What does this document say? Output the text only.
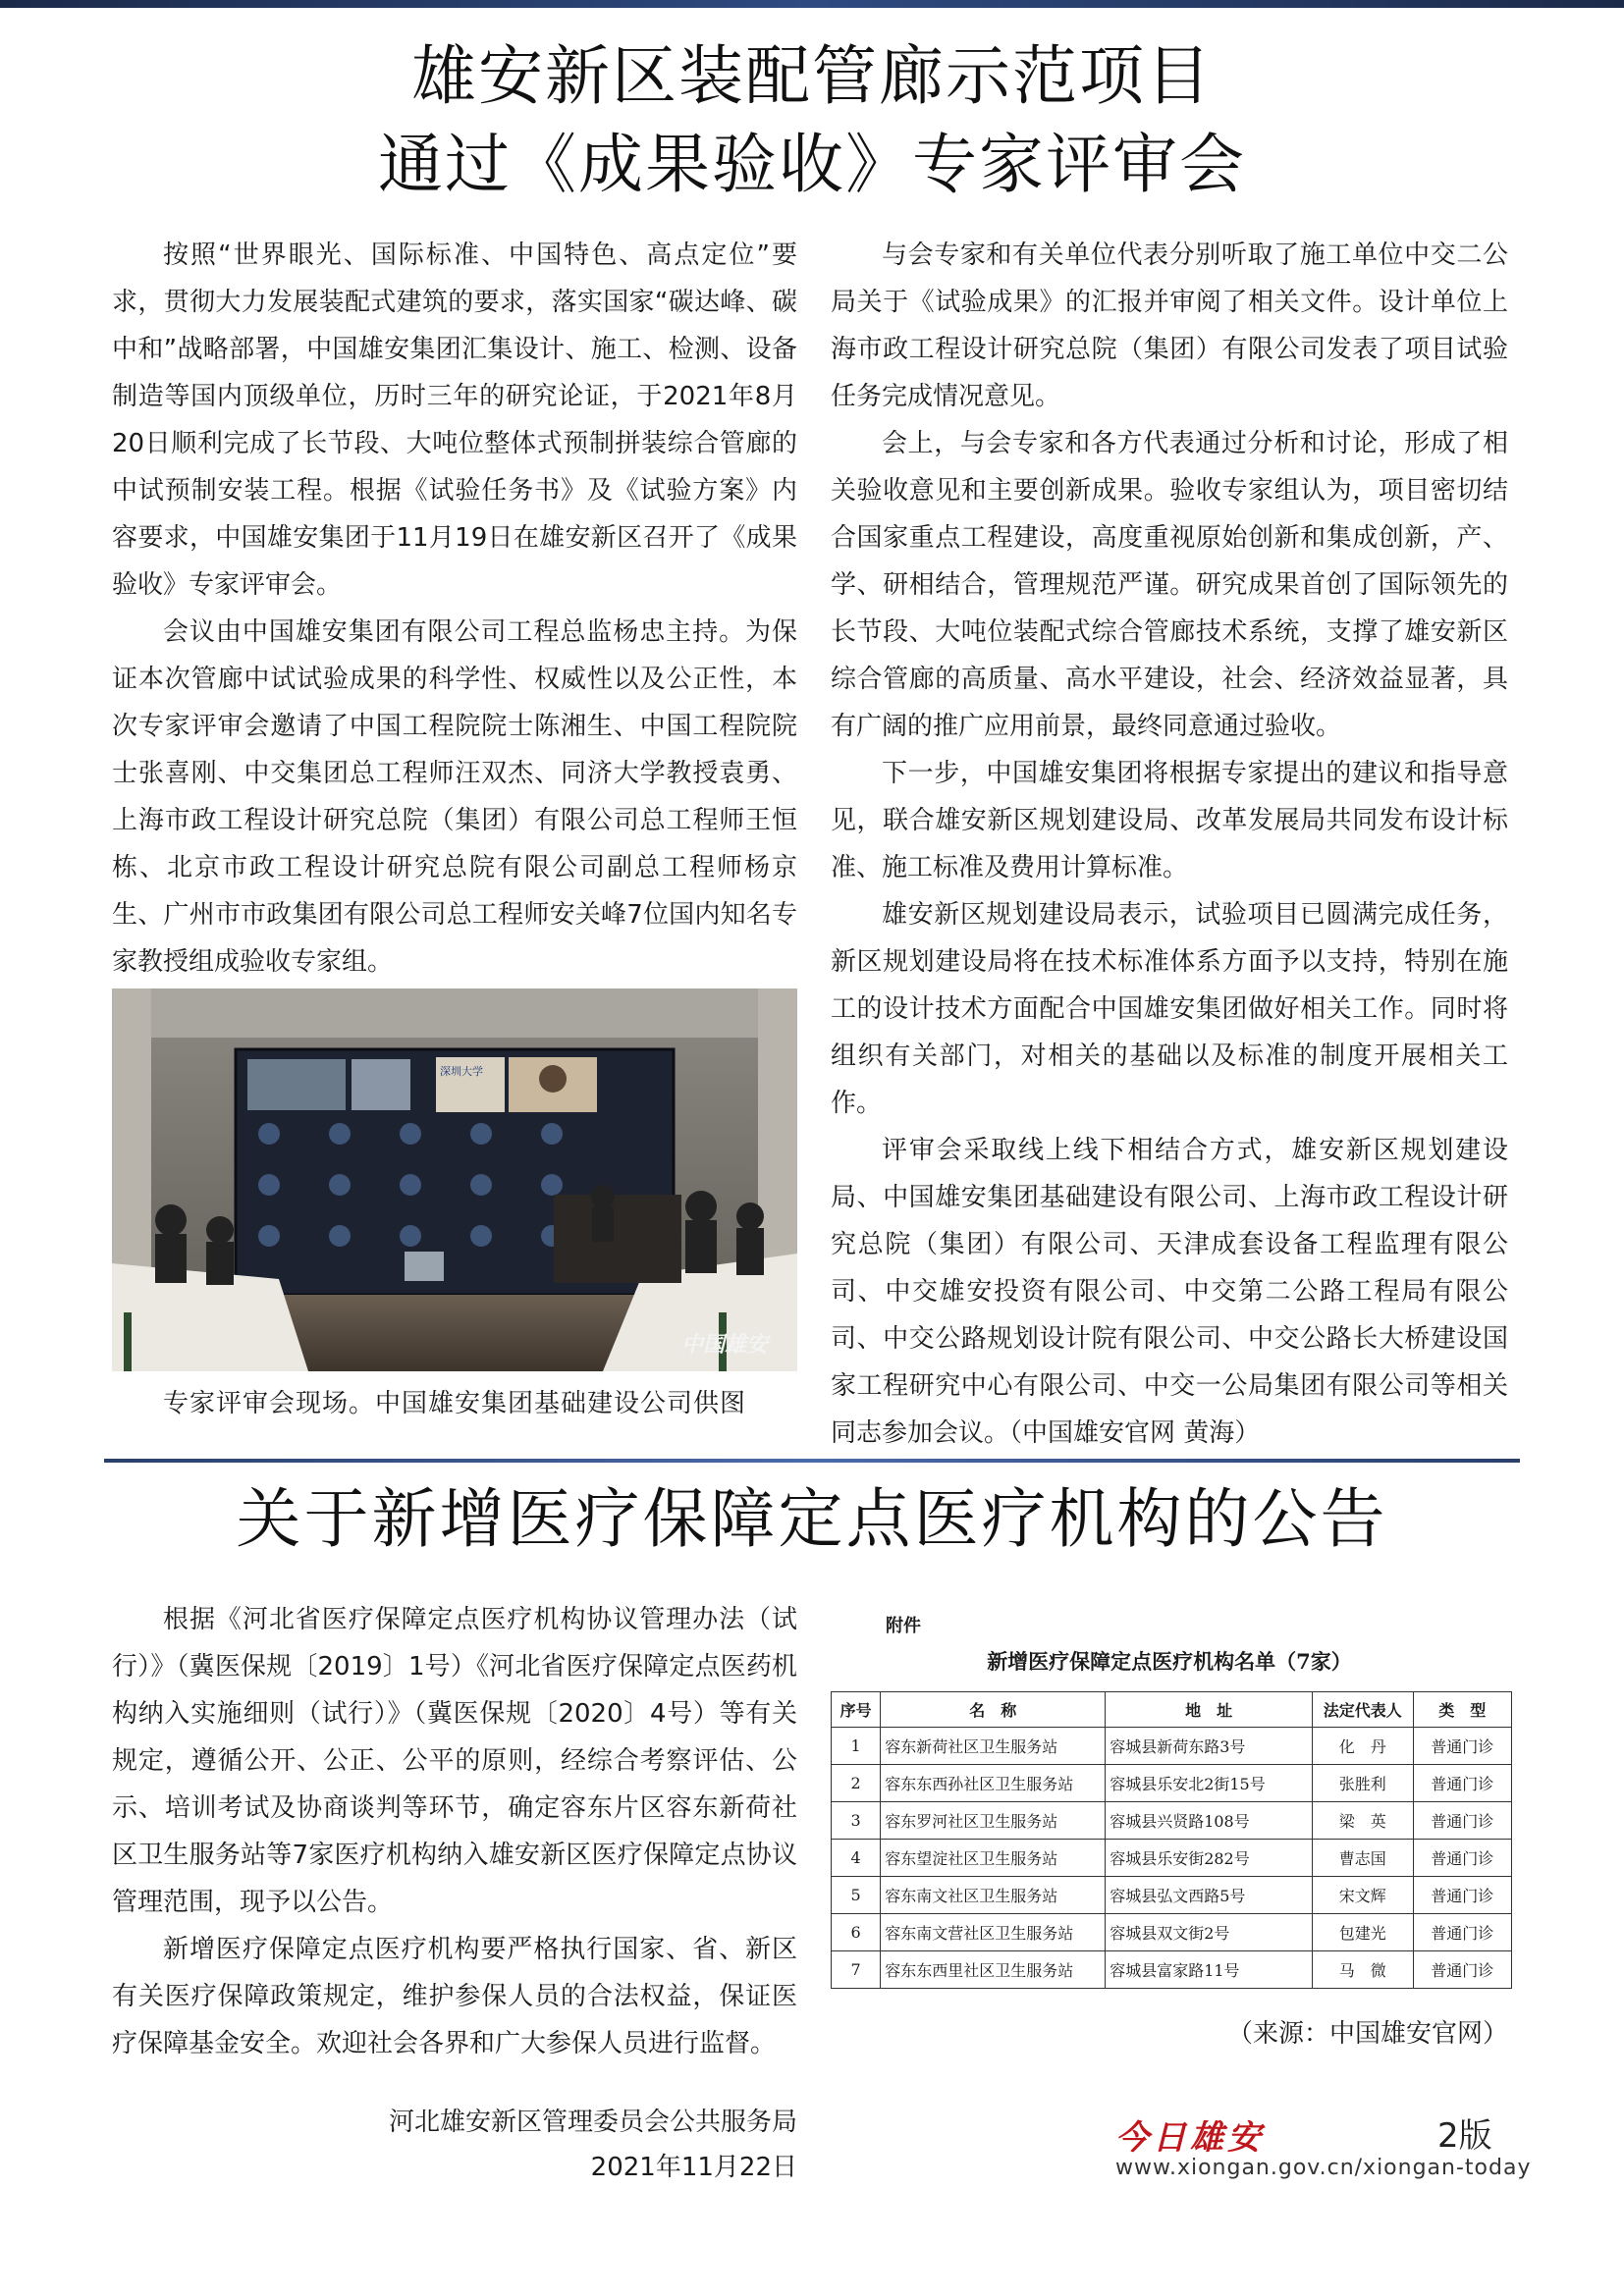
雄安新区装配管廊示范项目
通过《成果验收》专家评审会

按照“世界眼光、国际标准、中国特色、高点定位”要求，贯彻大力发展装配式建筑的要求，落实国家“碳达峰、碳中和”战略部署，中国雄安集团汇集设计、施工、检测、设备制造等国内顶级单位，历时三年的研究论证，于2021年8月20日顺利完成了长节段、大吨位整体式预制拼装综合管廊的中试预制安装工程。根据《试验任务书》及《试验方案》内容要求，中国雄安集团于11月19日在雄安新区召开了《成果验收》专家评审会。

会议由中国雄安集团有限公司工程总监杨忠主持。为保证本次管廊中试试验成果的科学性、权威性以及公正性，本次专家评审会邀请了中国工程院院士陈湘生、中国工程院院士张喜刚、中交集团总工程师汪双杰、同济大学教授袁勇、上海市政工程设计研究总院（集团）有限公司总工程师王恒栋、北京市政工程设计研究总院有限公司副总工程师杨京生、广州市市政集团有限公司总工程师安关峰7位国内知名专家教授组成验收专家组。

深圳大学
中国雄安
专家评审会现场。中国雄安集团基础建设公司供图

与会专家和有关单位代表分别听取了施工单位中交二公局关于《试验成果》的汇报并审阅了相关文件。设计单位上海市政工程设计研究总院（集团）有限公司发表了项目试验任务完成情况意见。

会上，与会专家和各方代表通过分析和讨论，形成了相关验收意见和主要创新成果。验收专家组认为，项目密切结合国家重点工程建设，高度重视原始创新和集成创新，产、学、研相结合，管理规范严谨。研究成果首创了国际领先的长节段、大吨位装配式综合管廊技术系统，支撑了雄安新区综合管廊的高质量、高水平建设，社会、经济效益显著，具有广阔的推广应用前景，最终同意通过验收。

下一步，中国雄安集团将根据专家提出的建议和指导意见，联合雄安新区规划建设局、改革发展局共同发布设计标准、施工标准及费用计算标准。

雄安新区规划建设局表示，试验项目已圆满完成任务，新区规划建设局将在技术标准体系方面予以支持，特别在施工的设计技术方面配合中国雄安集团做好相关工作。同时将组织有关部门，对相关的基础以及标准的制度开展相关工作。

评审会采取线上线下相结合方式，雄安新区规划建设局、中国雄安集团基础建设有限公司、上海市政工程设计研究总院（集团）有限公司、天津成套设备工程监理有限公司、中交雄安投资有限公司、中交第二公路工程局有限公司、中交公路规划设计院有限公司、中交公路长大桥建设国家工程研究中心有限公司、中交一公局集团有限公司等相关同志参加会议。（中国雄安官网 黄海）

关于新增医疗保障定点医疗机构的公告

根据《河北省医疗保障定点医疗机构协议管理办法（试行）》（冀医保规〔2019〕1号）《河北省医疗保障定点医药机构纳入实施细则（试行）》（冀医保规〔2020〕4号）等有关规定，遵循公开、公正、公平的原则，经综合考察评估、公示、培训考试及协商谈判等环节，确定容东片区容东新荷社区卫生服务站等7家医疗机构纳入雄安新区医疗保障定点协议管理范围，现予以公告。

新增医疗保障定点医疗机构要严格执行国家、省、新区有关医疗保障政策规定，维护参保人员的合法权益，保证医疗保障基金安全。欢迎社会各界和广大参保人员进行监督。

河北雄安新区管理委员会公共服务局
2021年11月22日
附件
新增医疗保障定点医疗机构名单（7家）
序号	名　称	地　址	法定代表人	类　型
1	容东新荷社区卫生服务站	容城县新荷东路3号	化　丹	普通门诊
2	容东东西孙社区卫生服务站	容城县乐安北2街15号	张胜利	普通门诊
3	容东罗河社区卫生服务站	容城县兴贤路108号	梁　英	普通门诊
4	容东望淀社区卫生服务站	容城县乐安街282号	曹志国	普通门诊
5	容东南文社区卫生服务站	容城县弘文西路5号	宋文辉	普通门诊
6	容东南文营社区卫生服务站	容城县双文街2号	包建光	普通门诊
7	容东东西里社区卫生服务站	容城县富家路11号	马　微	普通门诊
（来源：中国雄安官网）
今日雄安	2版
www.xiongan.gov.cn/xiongan-today
